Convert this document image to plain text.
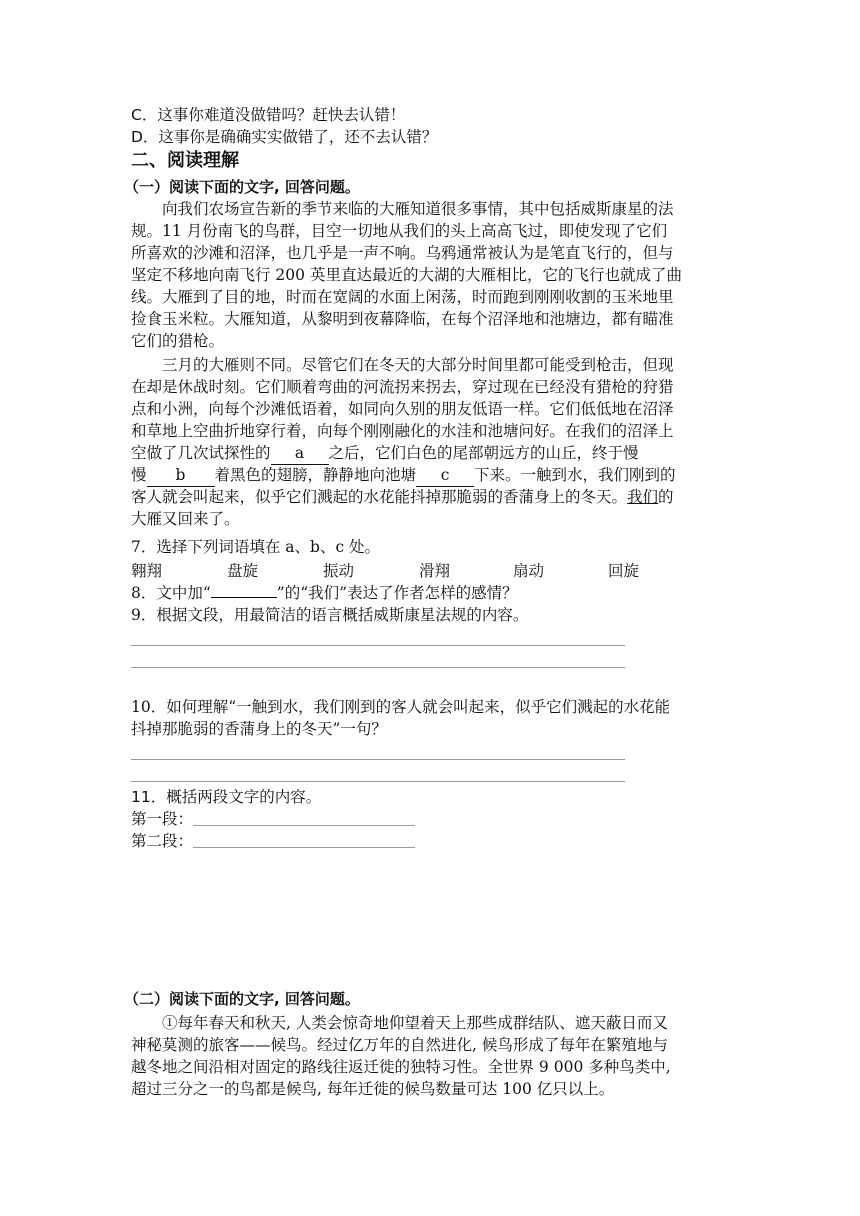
C．这事你难道没做错吗？赶快去认错！
D．这事你是确确实实做错了，还不去认错？
二、阅读理解
（一）阅读下面的文字, 回答问题。
向我们农场宣告新的季节来临的大雁知道很多事情，其中包括威斯康星的法
规。11 月份南飞的鸟群，目空一切地从我们的头上高高飞过，即使发现了它们
所喜欢的沙滩和沼泽，也几乎是一声不响。乌鸦通常被认为是笔直飞行的，但与
坚定不移地向南飞行 200 英里直达最近的大湖的大雁相比，它的飞行也就成了曲
线。大雁到了目的地，时而在宽阔的水面上闲荡，时而跑到刚刚收割的玉米地里
捡食玉米粒。大雁知道，从黎明到夜幕降临，在每个沼泽地和池塘边，都有瞄准
它们的猎枪。
三月的大雁则不同。尽管它们在冬天的大部分时间里都可能受到枪击，但现
在却是休战时刻。它们顺着弯曲的河流拐来拐去，穿过现在已经没有猎枪的狩猎
点和小洲，向每个沙滩低语着，如同向久别的朋友低语一样。它们低低地在沼泽
和草地上空曲折地穿行着，向每个刚刚融化的水洼和池塘问好。在我们的沼泽上
空做了几次试探性的 a 之后，它们白色的尾部朝远方的山丘，终于慢
慢 b 着黑色的翅膀，静静地向池塘 c 下来。一触到水，我们刚到的
客人就会叫起来，似乎它们溅起的水花能抖掉那脆弱的香蒲身上的冬天。我们的
大雁又回来了。
7．选择下列词语填在 a、b、c 处。
翱翔	盘旋	振动	滑翔	扇动	回旋
8．文中加“	”的“我们”表达了作者怎样的感情？
9．根据文段，用最简洁的语言概括威斯康星法规的内容。
10．如何理解“一触到水，我们刚到的客人就会叫起来，似乎它们溅起的水花能
抖掉那脆弱的香蒲身上的冬天”一句？
11．概括两段文字的内容。
第一段：
第二段：
（二）阅读下面的文字, 回答问题。
①每年春天和秋天, 人类会惊奇地仰望着天上那些成群结队、遮天蔽日而又
神秘莫测的旅客——候鸟。经过亿万年的自然进化, 候鸟形成了每年在繁殖地与
越冬地之间沿相对固定的路线往返迁徙的独特习性。全世界 9 000 多种鸟类中,
超过三分之一的鸟都是候鸟, 每年迁徙的候鸟数量可达 100 亿只以上。
